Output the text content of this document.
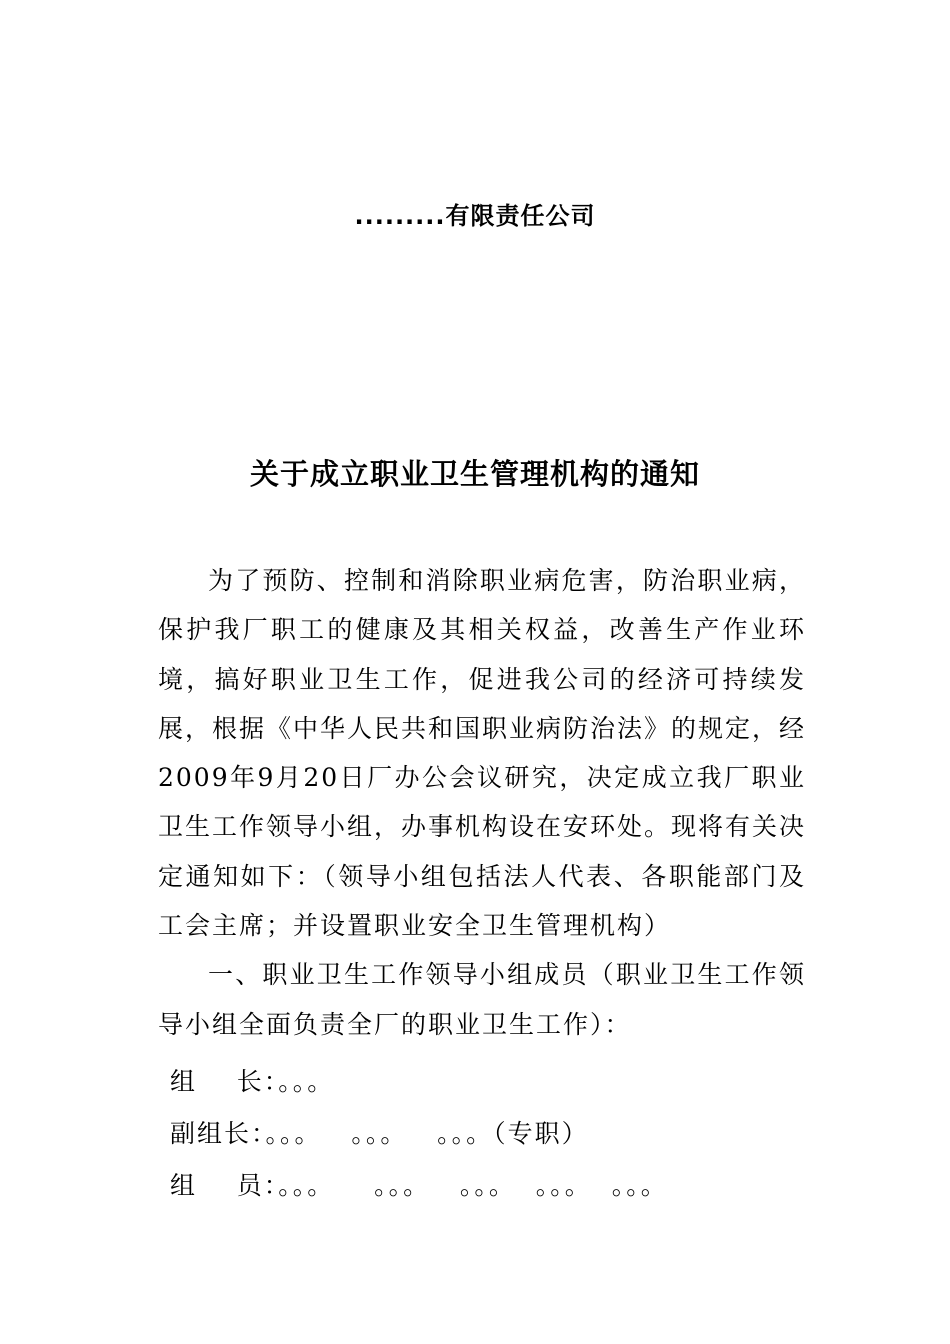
.........有限责任公司
关于成立职业卫生管理机构的通知

为了预防、控制和消除职业病危害，防治职业病，保护我厂职工的健康及其相关权益，改善生产作业环境，搞好职业卫生工作，促进我公司的经济可持续发展，根据《中华人民共和国职业病防治法》的规定，经2009年9月20日厂办公会议研究，决定成立我厂职业卫生工作领导小组，办事机构设在安环处。现将有关决定通知如下：（领导小组包括法人代表、各职能部门及工会主席；并设置职业安全卫生管理机构）

一、职业卫生工作领导小组成员（职业卫生工作领导小组全面负责全厂的职业卫生工作）：

组    长：。。。
副组长：。。。   。。。   。。。（专职）
组    员：。。。    。。。   。。。  。。。  。。。
